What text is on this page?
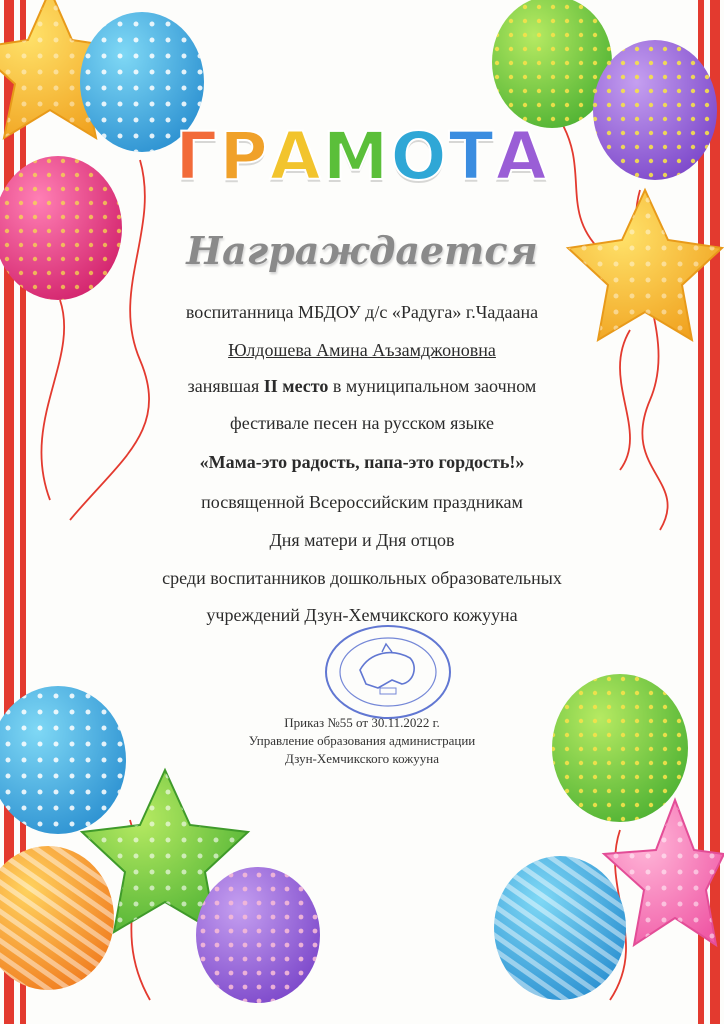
ГРАМОТА
Награждается
воспитанница МБДОУ д/с «Радуга» г.Чадаана
Юлдошева Амина Аъзамджоновна
занявшая II место в муниципальном заочном
фестивале песен на русском языке
«Мама-это радость, папа-это гордость!»
посвященной Всероссийским праздникам
Дня матери и Дня отцов
среди воспитанников дошкольных образовательных
учреждений Дзун-Хемчикского кожууна
Приказ №55 от 30.11.2022 г.
Управление образования администрации
Дзун-Хемчикского кожууна
